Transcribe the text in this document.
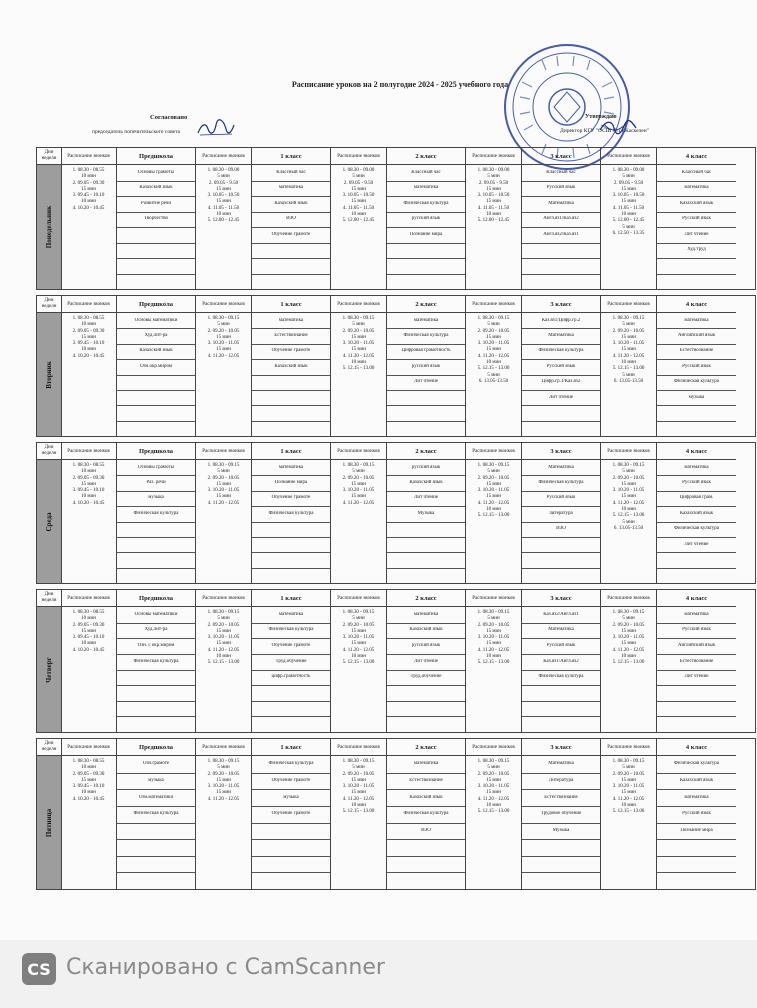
Расписание уроков на 2 полугодие 2024 - 2025 учебного года
Согласовано
председатель попечительского совета
Утверждаю
Директор КГУ "ОСШ №1 г.Каскелен"
Дни недели
Понедельник
Расписание звонков
1. 08.30 - 08.55
10 мин
2. 09.05 - 09.30
15 мин
3. 09.45 - 10.10
10 мин
4. 10.20 - 10.45
Предшкола
Основы грамоты
Казахский язык
Развитие речи
Творчество
Расписание звонков
1. 08.30 - 09.00
5 мин
2. 09.05 - 9.50
15 мин
3. 10.05 - 10.50
15 мин
4. 11.05 - 11.50
10 мин
5. 12.00 - 12.45
1 класс
Классный час
математика
Казахский язык
ИЗО
Обучение грамоте
Расписание звонков
1. 08.30 - 09.00
5 мин
2. 09.05 - 9.50
15 мин
3. 10.05 - 10.50
15 мин
4. 11.05 - 11.50
10 мин
5. 12.00 - 12.45
2 класс
Классный час
математика
Физическая культура
русский язык
Познание мира
Расписание звонков
1. 08.30 - 09.00
5 мин
2. 09.05 - 9.50
15 мин
3. 10.05 - 10.50
15 мин
4. 11.05 - 11.50
10 мин
5. 12.00 - 12.45
3 класс
Классный час
Русский язык
Математика
Англ.яз1/Каз.яз2
Англ.яз2/Каз.яз1
Расписание звонков
1. 08.30 - 09.00
5 мин
2. 09.05 - 9.50
15 мин
3. 10.05 - 10.50
15 мин
4. 11.05 - 11.50
10 мин
5. 12.00 - 12.45
5 мин
6. 12.50 - 13.35
4 класс
Классный час
математика
Казахский язык
Русский язык
Лит чтение
Худ.труд
Дни недели
Вторник
Расписание звонков
1. 08.30 - 08.55
10 мин
2. 09.05 - 09.30
15 мин
3. 09.45 - 10.10
10 мин
4. 10.20 - 10.45
Предшкола
Основы математики
Худ.лит-ра
Казахский язык
Озн.окр.миром
Расписание звонков
1. 08.30 - 09.15
5 мин
2. 09.20 - 10.05
15 мин
3. 10.20 - 11.05
15 мин
4. 11.20 - 12.05
1 класс
математика
Естествознание
Обучение грамоте
Казахский язык
Расписание звонков
1. 08.30 - 09.15
5 мин
2. 09.20 - 10.05
15 мин
3. 10.20 - 11.05
15 мин
4. 11.20 - 12.05
10 мин
5. 12.15 - 13.00
2 класс
математика
Физическая культура
Цифровая грамотность
русский язык
Лит чтение
Расписание звонков
1. 08.30 - 09.15
5 мин
2. 09.20 - 10.05
15 мин
3. 10.20 - 11.05
15 мин
4. 11.20 - 12.05
10 мин
5. 12.15 - 13.00
5 мин
6. 13.05-13.50
3 класс
Каз.яз1/Цифр.гр.2
Математика
Физическая культура
Русский язык
Цифр.гр.1/Каз.яз2
Лит чтение
Расписание звонков
1. 08.30 - 09.15
5 мин
2. 09.20 - 10.05
15 мин
3. 10.20 - 11.05
15 мин
4. 11.20 - 12.05
10 мин
5. 12.15 - 13.00
5 мин
6. 13.05-13.50
4 класс
математика
Английский язык
Естествознание
Русский язык
Физическая культура
музыка
Дни недели
Среда
Расписание звонков
1. 08.30 - 08.55
10 мин
2. 09.05 - 09.30
15 мин
3. 09.45 - 10.10
10 мин
4. 10.20 - 10.45
Предшкола
Основы грамоты
Раз. речи
музыка
Физическая культура
Расписание звонков
1. 08.30 - 09.15
5 мин
2. 09.20 - 10.05
15 мин
3. 10.20 - 11.05
15 мин
4. 11.20 - 12.05
1 класс
математика
Познание мира
Обучение грамоте
Физическая культура
Расписание звонков
1. 08.30 - 09.15
5 мин
2. 09.20 - 10.05
15 мин
3. 10.20 - 11.05
15 мин
4. 11.20 - 12.05
2 класс
русский язык
Казахский язык
Лит чтение
Музыка
Расписание звонков
1. 08.30 - 09.15
5 мин
2. 09.20 - 10.05
15 мин
3. 10.20 - 11.05
15 мин
4. 11.20 - 12.05
10 мин
5. 12.15 - 13.00
3 класс
Математика
Физическая культура
Русский язык
литература
ИЗО
Расписание звонков
1. 08.30 - 09.15
5 мин
2. 09.20 - 10.05
15 мин
3. 10.20 - 11.05
15 мин
4. 11.20 - 12.05
10 мин
5. 12.15 - 13.00
5 мин
6. 13.05-13.50
4 класс
математика
Русский язык
Цифровая грам.
Казахский язык
Физическая культура
Лит чтение
Дни недели
Четверг
Расписание звонков
1. 08.30 - 08.55
10 мин
2. 09.05 - 09.30
15 мин
3. 09.45 - 10.10
10 мин
4. 10.20 - 10.45
Предшкола
Основы математики
Худ.лит-ра
Озн. с окр.миром
Физическая культура
Расписание звонков
1. 08.30 - 09.15
5 мин
2. 09.20 - 10.05
15 мин
3. 10.20 - 11.05
15 мин
4. 11.20 - 12.05
10 мин
5. 12.15 - 13.00
1 класс
математика
Физическая культура
Обучение грамоте
Труд.обучение
цифр.грамотность
Расписание звонков
1. 08.30 - 09.15
5 мин
2. 09.20 - 10.05
15 мин
3. 10.20 - 11.05
15 мин
4. 11.20 - 12.05
10 мин
5. 12.15 - 13.00
2 класс
математика
Казахский язык
русский язык
Лит чтение
Труд.обучение
Расписание звонков
1. 08.30 - 09.15
5 мин
2. 09.20 - 10.05
15 мин
3. 10.20 - 11.05
15 мин
4. 11.20 - 12.05
10 мин
5. 12.15 - 13.00
3 класс
Каз.яз2/Англ.яз1
Математика
Русский язык
Каз.яз1/Англ.яз2
Физическая культура
Расписание звонков
1. 08.30 - 09.15
5 мин
2. 09.20 - 10.05
15 мин
3. 10.20 - 11.05
15 мин
4. 11.20 - 12.05
10 мин
5. 12.15 - 13.00
4 класс
математика
Русский язык
Английский язык
Естествознание
Лит чтение
Дни недели
Пятница
Расписание звонков
1. 08.30 - 08.55
10 мин
2. 09.05 - 09.30
15 мин
3. 09.45 - 10.10
10 мин
4. 10.20 - 10.45
Предшкола
Озн.грамоте
музыка
Озн.математики
Физическая культура
Расписание звонков
1. 08.30 - 09.15
5 мин
2. 09.20 - 10.05
15 мин
3. 10.20 - 11.05
15 мин
4. 11.20 - 12.05
1 класс
Физическая культура
Обучение грамоте
музыка
Обучение грамоте
Расписание звонков
1. 08.30 - 09.15
5 мин
2. 09.20 - 10.05
15 мин
3. 10.20 - 11.05
15 мин
4. 11.20 - 12.05
10 мин
5. 12.15 - 13.00
2 класс
математика
Естествознание
Казахский язык
Физическая культура
ИЗО
Расписание звонков
1. 08.30 - 09.15
5 мин
2. 09.20 - 10.05
15 мин
3. 10.20 - 11.05
15 мин
4. 11.20 - 12.05
10 мин
5. 12.15 - 13.00
3 класс
Математика
Литература
Естествознание
Трудовое обучение
Музыка
Расписание звонков
1. 08.30 - 09.15
5 мин
2. 09.20 - 10.05
15 мин
3. 10.20 - 11.05
15 мин
4. 11.20 - 12.05
10 мин
5. 12.15 - 13.00
4 класс
Физическая культура
Казахский язык
математика
Русский язык
Познание мира
CS Сканировано с CamScanner
